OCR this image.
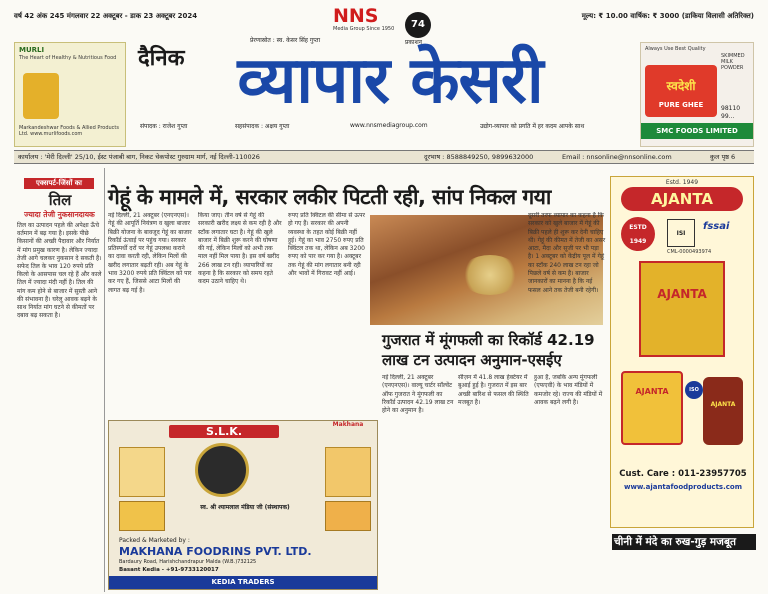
वर्ष 42 अंक 245 मंगलवार 22 अक्टूबर - डाक 23 अक्टूबर 2024	मूल्य: ₹ 10.00 वार्षिक: ₹ 3000 (डाकिया विलासी अतिरिक्त)
NNS
Media Group Since 1950	74
प्रकाशन
प्रेरणास्रोत : स्व. केसर सिंह गुप्ता
व्यापार केसरी
दैनिक
संपादक : राजेश गुप्ता	सहसंपादक : अक्षय गुप्ता	www.nnsmediagroup.com	उद्योग-व्यापार को प्रगति में हर कदम आपके साथ
MURLI
The Heart of Healthy & Nutritious Food
Markandeshwar Foods & Allied Products Ltd. www.murlifoods.com
Always Use Best Quality
स्वदेशी
PURE GHEE
SKIMMED MILK POWDER
SMC FOODS LIMITED
98110 99...
कार्यालय : 'मेरी दिल्ली' 25/10, ईस्ट पंजाबी बाग, निकट चेकपोस्ट गुरुग्राम मार्ग, नई दिल्ली-110026	दूरभाष : 8588849250, 9899632000	Email : nnsonline@nnsonline.com	कुल पृष्ठ 6
एक्सपर्ट-जिंसों का
तिल
ज्यादा तेजी नुकसानदायक
तिल का उत्पादन पहले की अपेक्षा ऊँचे वर्तमान में बढ़ गया है। इसके पीछे किसानों की अच्छी पैदावार और निर्यात में मांग प्रमुख कारण है। लेकिन ज्यादा तेजी आगे चलकर नुकसान दे सकती है। सफेद तिल के भाव 120 रुपये प्रति किलो के आसपास चल रहे हैं और काले तिल में ज्यादा मंदी नहीं है। तिल की मांग कम होने से बाजार में सुस्ती आने की संभावना है। घरेलू आवक बढ़ने के साथ निर्यात मांग घटने से कीमतों पर दबाव बढ़ सकता है।
गेहूं के मामले में, सरकार लकीर पिटती रही, सांप निकल गया
नई दिल्ली, 21 अक्टूबर (एनएनएस)। गेहूं की आपूर्ति नियंत्रण व खुला बाजार बिक्री योजना के बावजूद गेहूं का बाजार रिकॉर्ड ऊंचाई पर पहुंच गया। सरकार प्रतिस्पर्धी दरों पर गेहूं उपलब्ध कराने का दावा करती रही, लेकिन मिलों की खरीद लगातार बढ़ती रही। अब गेहूं के भाव 3200 रुपये प्रति क्विंटल को पार कर गए हैं, जिससे आटा मिलों की लागत बढ़ गई है।
किया जाए। तीन वर्ष से गेहूं की सरकारी खरीद लक्ष्य से कम रही है और स्टॉक लगातार घटा है। गेहूं की खुले बाजार में बिक्री शुरू करने की घोषणा की गई, लेकिन मिलों को अभी तक माल नहीं मिल पाया है। इस वर्ष खरीद 266 लाख टन रही। व्यापारियों का कहना है कि सरकार को समय रहते कदम उठाने चाहिए थे।
रुपए प्रति क्विंटल की सीमा से ऊपर हो गए हैं। सरकार की अपनी व्यवस्था के तहत कोई बिक्री नहीं हुई। गेहूं का भाव 2750 रुपए प्रति क्विंटल तक था, लेकिन अब 3200 रुपए को पार कर गया है। अक्टूबर तक गेहूं की मांग लगातार बनी रही और भावों में गिरावट नहीं आई।
दूसरी तरफ व्यापार का कहना है कि सरकार को खुले बाजार में गेहूं की बिक्री पहले ही शुरू कर देनी चाहिए थी। गेहूं की कीमत में तेजी का असर आटा, मैदा और सूजी पर भी पड़ा है। 1 अक्टूबर को केंद्रीय पूल में गेहूं का स्टॉक 240 लाख टन रहा जो पिछले वर्ष से कम है। बाजार जानकारों का मानना है कि नई फसल आने तक तेजी बनी रहेगी।
S.L.K.
Makhana
स्व. श्री श्यामलाल मंडिया जी (संस्थापक)
Packed & Marketed by :
MAKHANA FOODRINS PVT. LTD.
Bardaury Road, Harishchandrapur Malda (W.B.)732125
Basant Kedia - +91-9733120017
KEDIA TRADERS
गुजरात में मूंगफली का रिकॉर्ड 42.19 लाख टन उत्पादन अनुमान-एसईए
नई दिल्ली, 21 अक्टूबर (एनएनएस)। वाल्यू चार्टर सॉल्वेंट ऑफ गुजरात ने मूंगफली का रिकॉर्ड उत्पादन 42.19 लाख टन होने का अनुमान है।
सीज़न में 41.8 लाख हेक्टेयर में बुआई हुई है। गुजरात में इस बार अच्छी बारिश से फसल की स्थिति मजबूत है।
हुआ है, जबकि अन्य मूंगफली (एफएवी) के भाव मंडियों में कमजोर रहे। राज्य की मंडियों में आवक बढ़ने लगी है।
Estd. 1949
AJANTA
ESTD 1949
ISI
fssai
CML-0000493974
AJANTA
AJANTA	ISO
AJANTA
Cust. Care : 011-23957705
www.ajantafoodproducts.com
चीनी में मंदे का रुख-गुड़ मजबूत
